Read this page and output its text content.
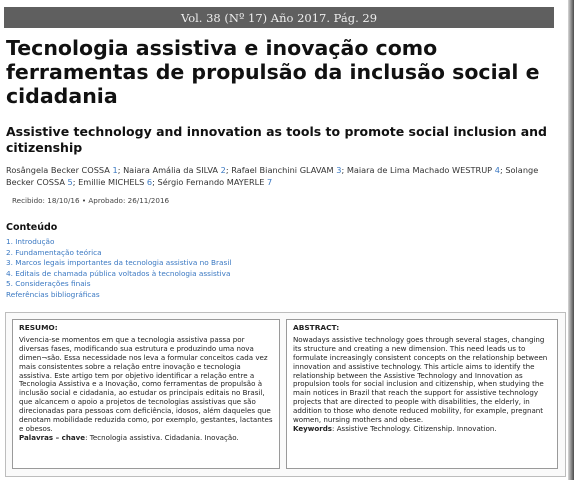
Vol. 38 (Nº 17) Año 2017. Pág. 29
Tecnologia assistiva e inovação como ferramentas de propulsão da inclusão social e cidadania
Assistive technology and innovation as tools to promote social inclusion and citizenship
Rosângela Becker COSSA 1; Naiara Amália da SILVA 2; Rafael Bianchini GLAVAM 3; Maiara de Lima Machado WESTRUP 4; Solange Becker COSSA 5; Emillie MICHELS 6; Sérgio Fernando MAYERLE 7
Recibido: 18/10/16 • Aprobado: 26/11/2016
Conteúdo
1. Introdução
2. Fundamentação teórica
3. Marcos legais importantes da tecnologia assistiva no Brasil
4. Editais de chamada pública voltados à tecnologia assistiva
5. Considerações finais
Referências bibliográficas
RESUMO:
Vivencia-se momentos em que a tecnologia assistiva passa por diversas fases, modificando sua estrutura e produzindo uma nova dimen¬são. Essa necessidade nos leva a formular conceitos cada vez mais consistentes sobre a relação entre inovação e tecnologia assistiva. Este artigo tem por objetivo identificar a relação entre a Tecnologia Assistiva e a Inovação, como ferramentas de propulsão à inclusão social e cidadania, ao estudar os principais editais no Brasil, que alcancem o apoio a projetos de tecnologias assistivas que são direcionadas para pessoas com deficiência, idosos, além daqueles que denotam mobilidade reduzida como, por exemplo, gestantes, lactantes e obesos.
Palavras – chave: Tecnologia assistiva. Cidadania. Inovação.
ABSTRACT:
Nowadays assistive technology goes through several stages, changing its structure and creating a new dimension. This need leads us to formulate increasingly consistent concepts on the relationship between innovation and assistive technology. This article aims to identify the relationship between the Assistive Technology and Innovation as propulsion tools for social inclusion and citizenship, when studying the main notices in Brazil that reach the support for assistive technology projects that are directed to people with disabilities, the elderly, in addition to those who denote reduced mobility, for example, pregnant women, nursing mothers and obese.
Keywords: Assistive Technology. Citizenship. Innovation.
